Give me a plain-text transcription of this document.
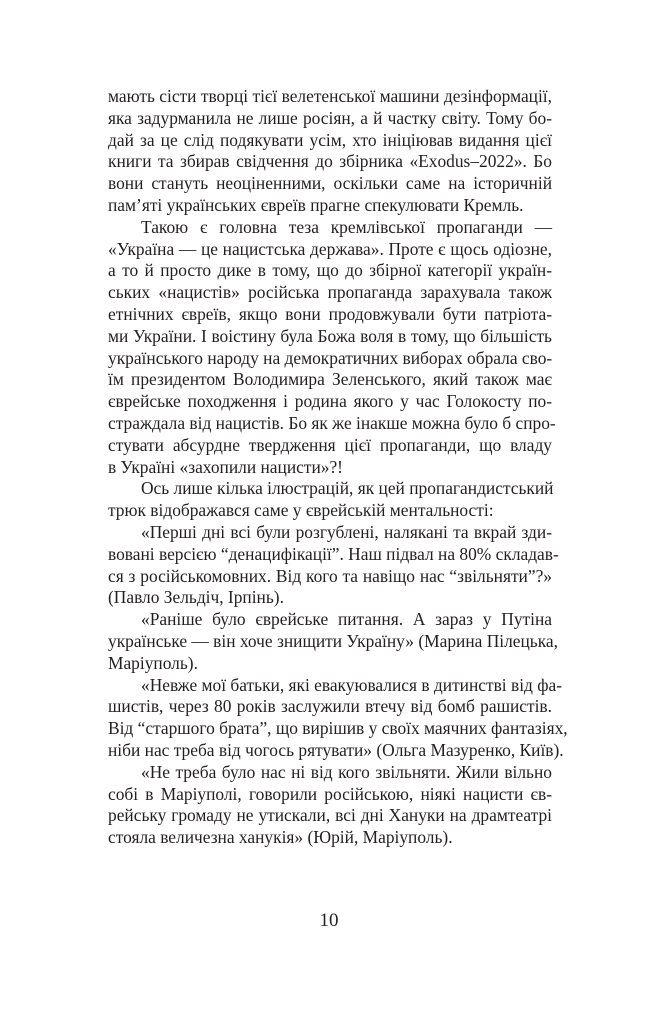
мають сісти творці тієї велетенської машини дезінформації,
яка задурманила не лише росіян, а й частку світу. Тому бо-
дай за це слід подякувати усім, хто ініціював видання цієї
книги та збирав свідчення до збірника «Exodus–2022». Бо
вони стануть неоціненними, оскільки саме на історичній
пам’яті українських євреїв прагне спекулювати Кремль.
Такою є головна теза кремлівської пропаганди —
«Україна — це нацистська держава». Проте є щось одіозне,
а то й просто дике в тому, що до збірної категорії україн-
ських «нацистів» російська пропаганда зарахувала також
етнічних євреїв, якщо вони продовжували бути патріота-
ми України. І воістину була Божа воля в тому, що більшість
українського народу на демократичних виборах обрала сво-
їм президентом Володимира Зеленського, який також має
єврейське походження і родина якого у час Голокосту по-
страждала від нацистів. Бо як же інакше можна було б спро-
стувати абсурдне твердження цієї пропаганди, що владу
в Україні «захопили нацисти»?!
Ось лише кілька ілюстрацій, як цей пропагандистський
трюк відображався саме у єврейській ментальності:
«Перші дні всі були розгублені, налякані та вкрай зди-
вовані версією “денацифікації”. Наш підвал на 80% складав-
ся з російськомовних. Від кого та навіщо нас “звільняти”?»
(Павло Зельдіч, Ірпінь).
«Раніше було єврейське питання. А зараз у Путіна
українське — він хоче знищити Україну» (Марина Пілецька,
Маріуполь).
«Невже мої батьки, які евакуювалися в дитинстві від фа-
шистів, через 80 років заслужили втечу від бомб рашистів.
Від “старшого брата”, що вирішив у своїх маячних фантазіях,
ніби нас треба від чогось рятувати» (Ольга Мазуренко, Київ).
«Не треба було нас ні від кого звільняти. Жили вільно
собі в Маріуполі, говорили російською, ніякі нацисти єв-
рейську громаду не утискали, всі дні Хануки на драмтеатрі
стояла величезна ханукія» (Юрій, Маріуполь).
10
